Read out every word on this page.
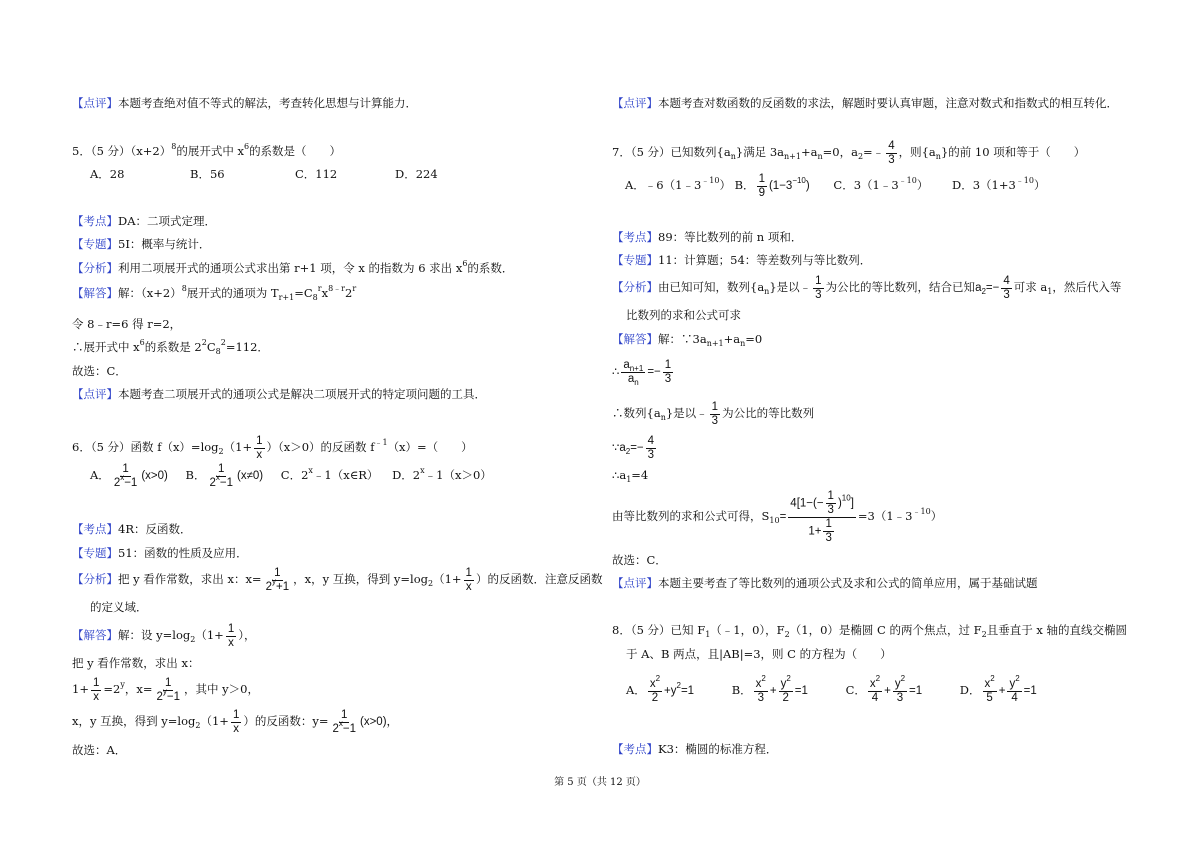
【点评】本题考查绝对值不等式的解法，考查转化思想与计算能力．
5．（5 分）$(x+2)^8$的展开式中 $x^6$的系数是（　　）
A．28	B．56	C．112	D．224
【考点】DA：二项式定理．
【专题】5I：概率与统计．
【分析】利用二项展开式的通项公式求出第 r+1 项，令 x 的指数为 6 求出 $x^6$的系数．
【解答】解：$(x+2)^8$展开式的通项为 $T_{r+1}=C_8^rx^{8﹣r}2^r$
令 8﹣r=6 得 r=2，
∴展开式中 $x^6$的系数是 $2^2C_8^2=112$．
故选：C．
【点评】本题考查二项展开式的通项公式是解决二项展开式的特定项问题的工具．
6．（5 分）函数 $f(x)=\log_2(1+ \frac{1}{x} )(x>0)$的反函数 $f^{﹣1}(x)=$（　　）
A． $\frac{1}{2^x-1} (x>0)$ B． $\frac{1}{2^x-1} (x\ne 0)$ C．2$^x$﹣1（x∈R） D．$2^x﹣1(x>0)$
【考点】4R：反函数．
【专题】51：函数的性质及应用．
【分析】把 y 看作常数，求出 x：$x= \frac{1}{2^y+1}$ ，x，y 互换，得到 $y=\log_2(1+ \frac{1}{x}$ ）的反函数．注意反函数
的定义域．
【解答】解：设 $y=\log_2(1+ \frac{1}{x}$ ），
把 y 看作常数，求出 x：
$1+ \frac{1}{x} =2^y$，$x= \frac{1}{2^y-1}$ ，其中 y＞0，
x，y 互换，得到 $y=\log_2(1+ \frac{1}{x}$ ）的反函数：$y= \frac{1}{2^x-1} (x>0)$，
故选：A．
【点评】本题考查对数函数的反函数的求法，解题时要认真审题，注意对数式和指数式的相互转化．
7．（5 分）已知数列$\{a_n\}$满足 $3a_{n+1}+a_n=0$，$a_2=﹣ \frac{4}{3}$ ，则$\{a_n\}$的前 10 项和等于（　　）
A．$﹣6(1﹣3^{﹣10})$ B． $\frac{1}{9} (1-3^{-10})$ C．$3(1﹣3^{﹣10})$ D．$3(1+3^{﹣10})$
【考点】89：等比数列的前 n 项和．
【专题】11：计算题；54：等差数列与等比数列．
【分析】由已知可知，数列$\{a_n\}$是以﹣ $\frac{1}{3}$ 为公比的等比数列，结合已知$a_2=- \frac{4}{3}$ 可求 $a_1$，然后代入等
比数列的求和公式可求
【解答】解：$\because 3a_{n+1}+a_n=0$
∴ $\frac{a_{n+1}}{a_n} =- \frac{1}{3}$
∴数列$\{a_n\}$是以﹣ $\frac{1}{3}$ 为公比的等比数列
$\because a_2=- \frac{4}{3}$
$\therefore a_1=4$
由等比数列的求和公式可得，$S_{10}= \frac{4[1-(- \frac{1}{3} )^{10}]}{1+ \frac{1}{3}}$ $=3(1﹣3^{﹣10})$
故选：C．
【点评】本题主要考查了等比数列的通项公式及求和公式的简单应用，属于基础试题
8．（5 分）已知 $F_1(﹣1$，0），$F_2(1$，0）是椭圆 C 的两个焦点，过 $F_2$且垂直于 x 轴的直线交椭圆
于 A、B 两点，且|AB|=3，则 C 的方程为（　　）
A． $\frac{x^2}{2} +y^2=1$	B． $\frac{x^2}{3} + \frac{y^2}{2} =1$	C． $\frac{x^2}{4} + \frac{y^2}{3} =1$	D． $\frac{x^2}{5} + \frac{y^2}{4} =1$
【考点】K3：椭圆的标准方程．
第 5 页（共 12 页）
